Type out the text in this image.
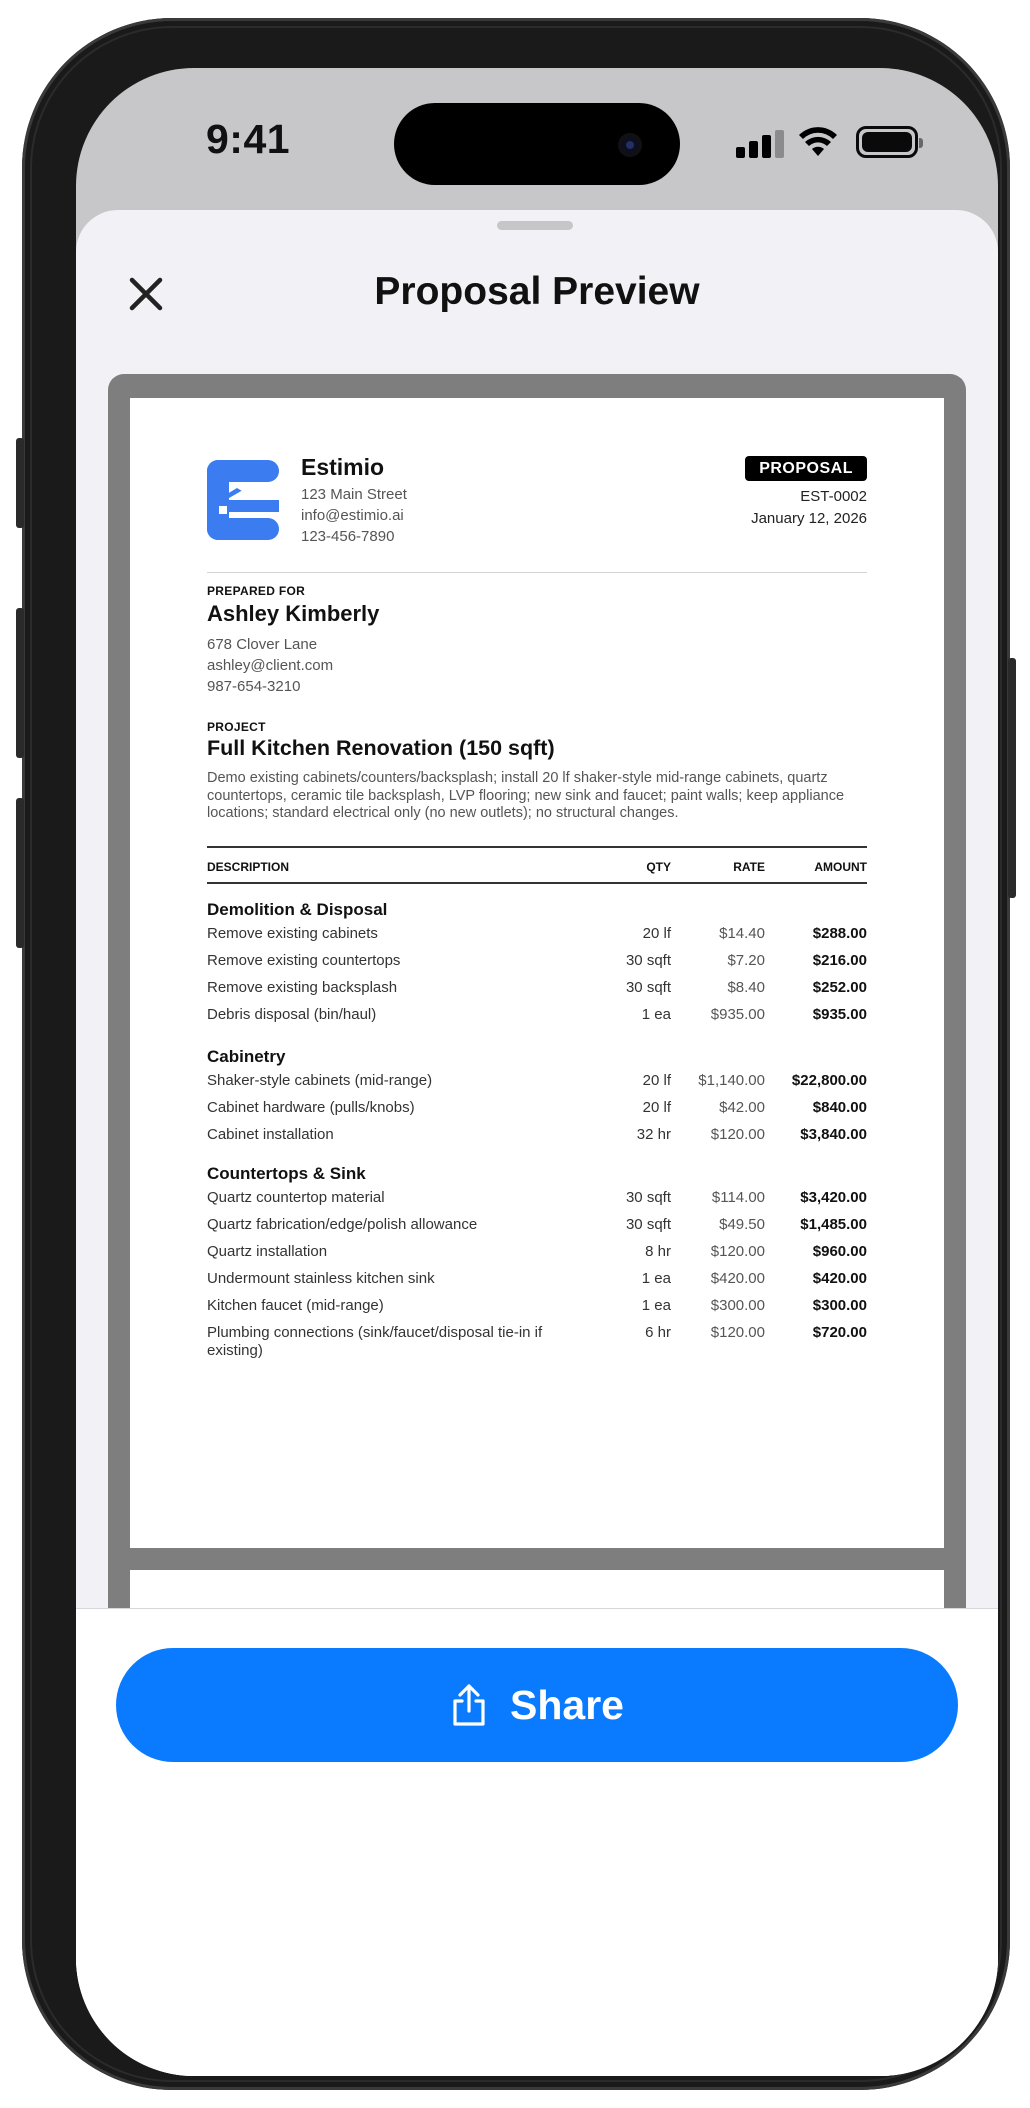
9:41
Proposal Preview
Estimio
123 Main Street
info@estimio.ai
123-456-7890
PROPOSAL
EST-0002
January 12, 2026
PREPARED FOR
Ashley Kimberly
678 Clover Lane
ashley@client.com
987-654-3210
PROJECT
Full Kitchen Renovation (150 sqft)
Demo existing cabinets/counters/backsplash; install 20 lf shaker-style mid-range cabinets, quartz countertops, ceramic tile backsplash, LVP flooring; new sink and faucet; paint walls; keep appliance locations; standard electrical only (no new outlets); no structural changes.
DESCRIPTION	QTY	RATE	AMOUNT
Demolition & Disposal
Remove existing cabinets	20 lf	$14.40	$288.00
Remove existing countertops	30 sqft	$7.20	$216.00
Remove existing backsplash	30 sqft	$8.40	$252.00
Debris disposal (bin/haul)	1 ea	$935.00	$935.00
Cabinetry
Shaker-style cabinets (mid-range)	20 lf	$1,140.00	$22,800.00
Cabinet hardware (pulls/knobs)	20 lf	$42.00	$840.00
Cabinet installation	32 hr	$120.00	$3,840.00
Countertops & Sink
Quartz countertop material	30 sqft	$114.00	$3,420.00
Quartz fabrication/edge/polish allowance	30 sqft	$49.50	$1,485.00
Quartz installation	8 hr	$120.00	$960.00
Undermount stainless kitchen sink	1 ea	$420.00	$420.00
Kitchen faucet (mid-range)	1 ea	$300.00	$300.00
Plumbing connections (sink/faucet/disposal tie-in if existing)
6 hr	$120.00	$720.00
Share
